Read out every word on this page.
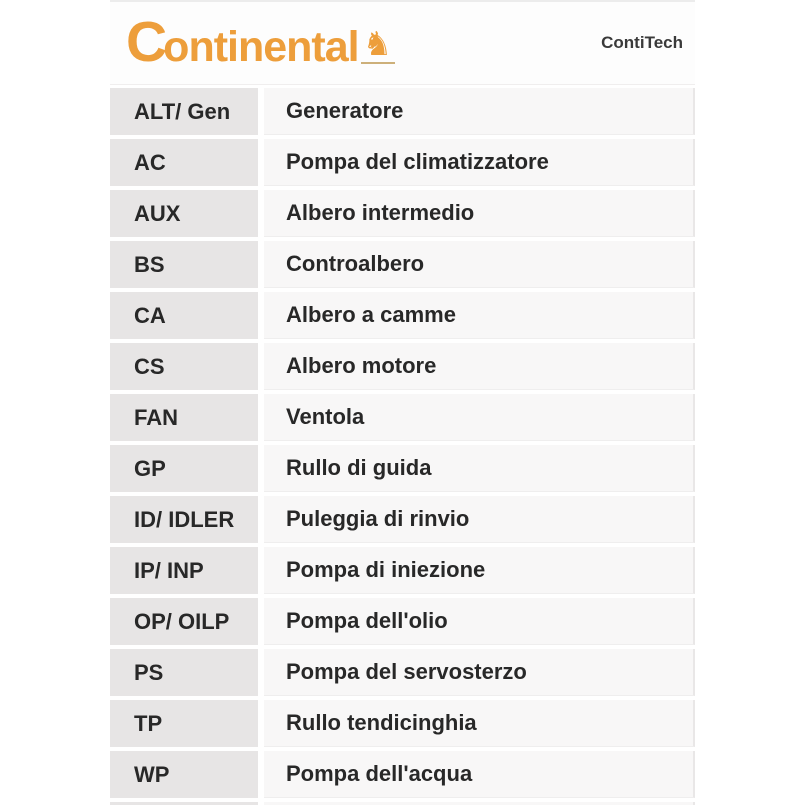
C
ontinental ♞	ContiTech
ALT/ Gen	Generatore
AC	Pompa del climatizzatore
AUX	Albero intermedio
BS	Controalbero
CA	Albero a camme
CS	Albero motore
FAN	Ventola
GP	Rullo di guida
ID/ IDLER	Puleggia di rinvio
IP/ INP	Pompa di iniezione
OP/ OILP	Pompa dell'olio
PS	Pompa del servosterzo
TP	Rullo tendicinghia
WP	Pompa dell'acqua
